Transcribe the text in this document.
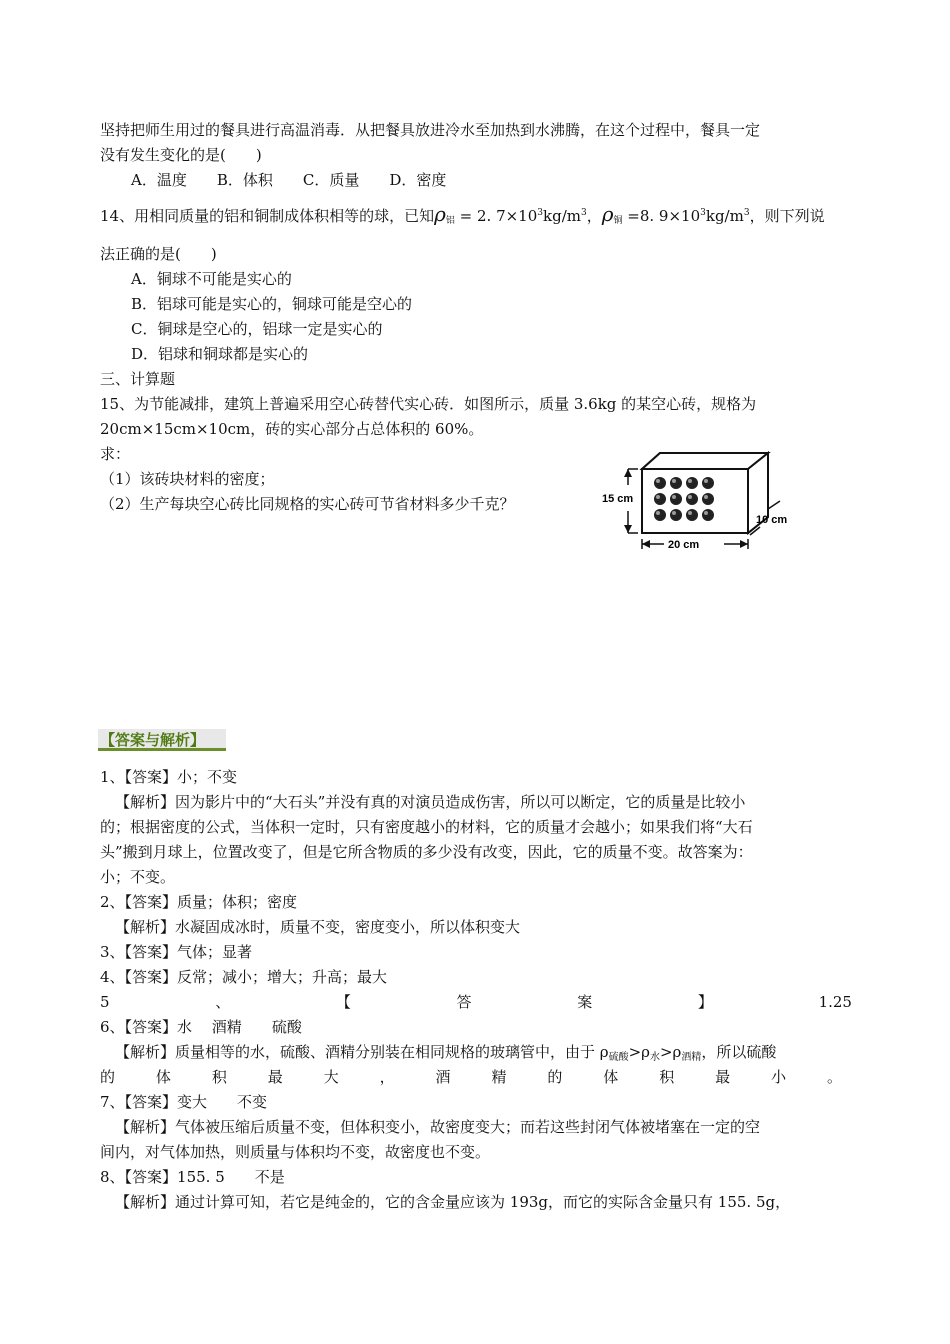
坚持把师生用过的餐具进行高温消毒．从把餐具放进冷水至加热到水沸腾，在这个过程中，餐具一定
没有发生变化的是(　　)
A．温度 B．体积 C．质量 D．密度
14、用相同质量的铝和铜制成体积相等的球，已知ρ铝 = 2. $7\times 10^3kg/m^3$，ρ铜 =8. $9\times 10^3kg/m^3$，则下列说
法正确的是(　　)
A．铜球不可能是实心的
B．铝球可能是实心的，铜球可能是空心的
C．铜球是空心的，铝球一定是实心的
D．铝球和铜球都是实心的
三、计算题
15、为节能减排，建筑上普遍采用空心砖替代实心砖．如图所示，质量 3.6kg 的某空心砖，规格为
20cm×15cm×10cm，砖的实心部分占总体积的 60%。
求：
（1）该砖块材料的密度；
（2）生产每块空心砖比同规格的实心砖可节省材料多少千克？	15 cm
20 cm
10 cm
【答案与解析】
1、【答案】小；不变
【解析】因为影片中的“大石头”并没有真的对演员造成伤害，所以可以断定，它的质量是比较小
的；根据密度的公式，当体积一定时，只有密度越小的材料，它的质量才会越小；如果我们将“大石
头”搬到月球上，位置改变了，但是它所含物质的多少没有改变，因此，它的质量不变。故答案为：
小；不变。
2、【答案】质量；体积；密度
【解析】水凝固成冰时，质量不变，密度变小，所以体积变大
3、【答案】气体；显著
4、【答案】反常；减小；增大；升高；最大
5	、	【	答	案	】	1.25
6、【答案】水　 酒精　　硫酸
【解析】质量相等的水，硫酸、酒精分别装在相同规格的玻璃管中，由于 $\rho_{硫酸}>\rho_水>\rho_{酒精}$，所以硫酸
的	体	积	最	大	，	酒	精	的	体	积	最	小	。
7、【答案】变大　　不变
【解析】气体被压缩后质量不变，但体积变小，故密度变大；而若这些封闭气体被堵塞在一定的空
间内，对气体加热，则质量与体积均不变，故密度也不变。
8、【答案】155. 5　　不是
【解析】通过计算可知，若它是纯金的，它的含金量应该为 193g，而它的实际含金量只有 155. 5g，
